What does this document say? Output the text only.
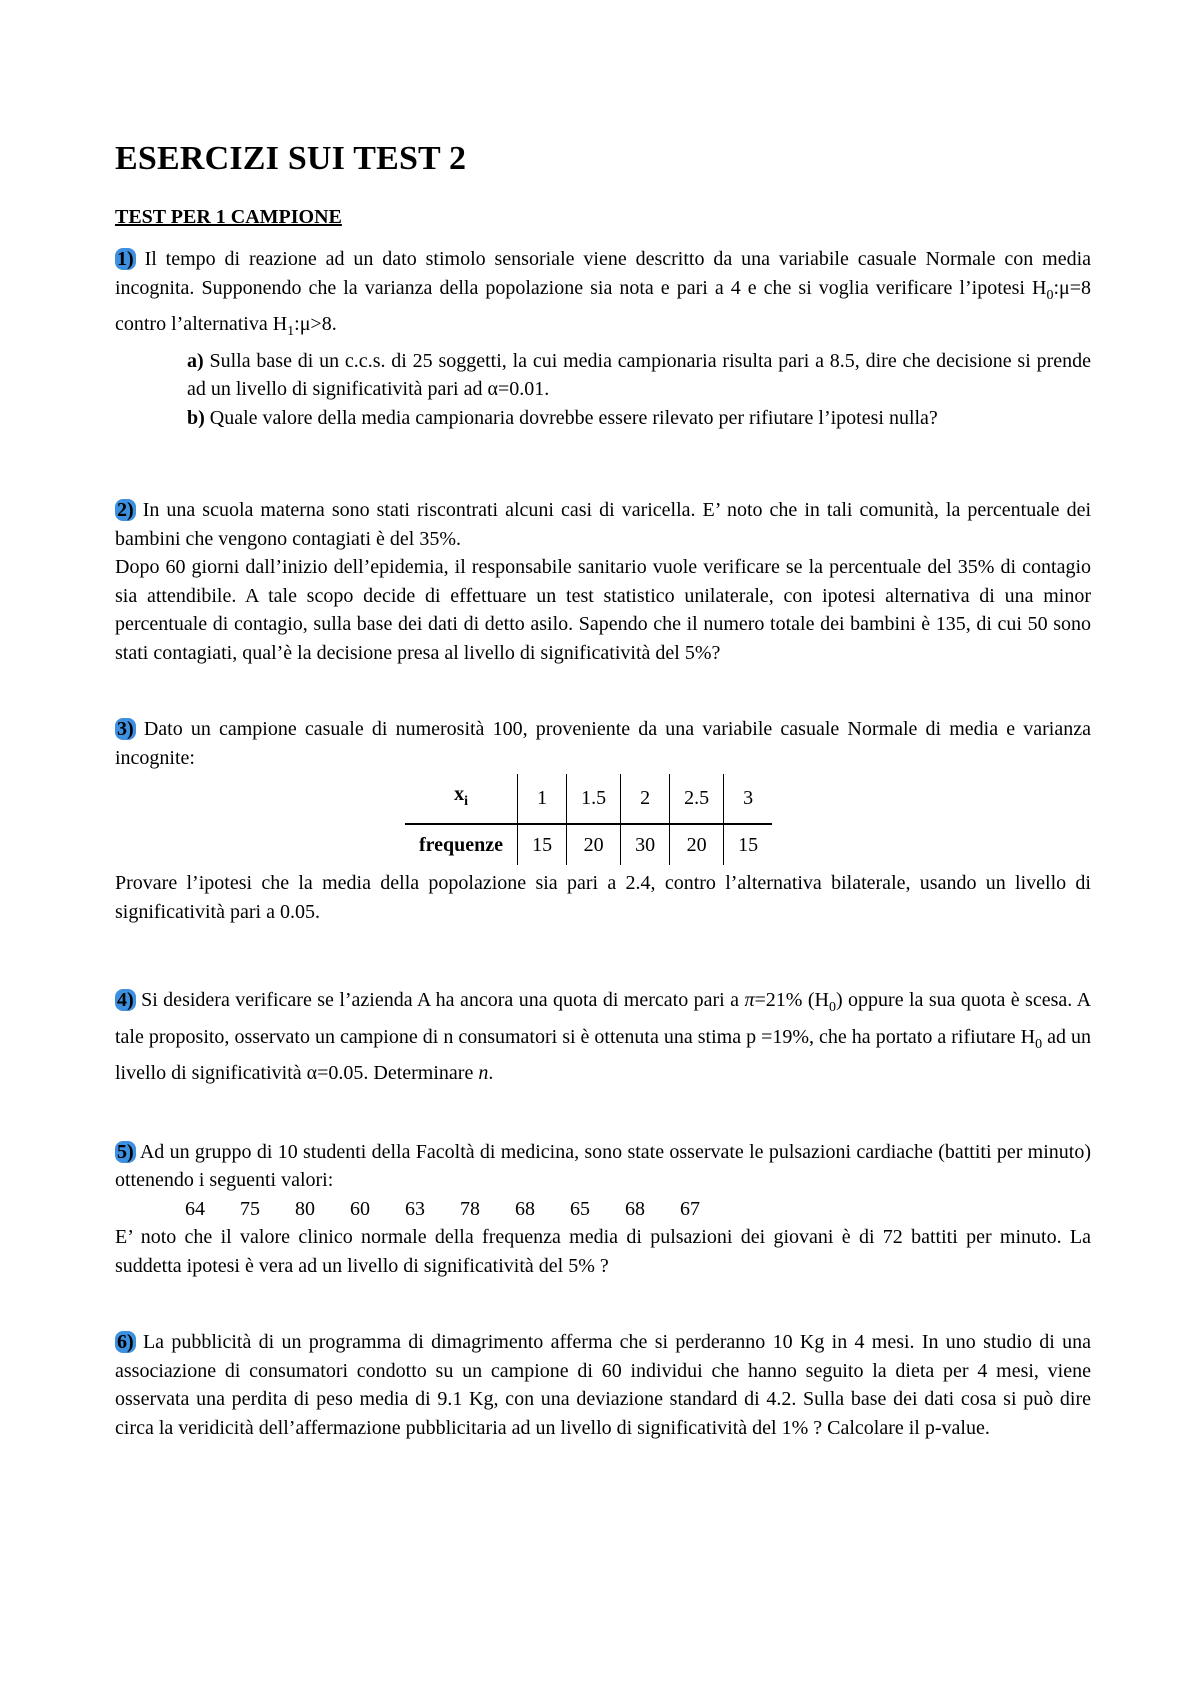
ESERCIZI SUI TEST 2
TEST PER 1 CAMPIONE
1) Il tempo di reazione ad un dato stimolo sensoriale viene descritto da una variabile casuale Normale con media incognita. Supponendo che la varianza della popolazione sia nota e pari a 4 e che si voglia verificare l’ipotesi $H_0:\mu=8$ contro l’alternativa $H_1:\mu>8$.
a) Sulla base di un c.c.s. di 25 soggetti, la cui media campionaria risulta pari a 8.5, dire che decisione si prende ad un livello di significatività pari ad α=0.01.
b) Quale valore della media campionaria dovrebbe essere rilevato per rifiutare l’ipotesi nulla?
2) In una scuola materna sono stati riscontrati alcuni casi di varicella. E’ noto che in tali comunità, la percentuale dei bambini che vengono contagiati è del 35%.
Dopo 60 giorni dall’inizio dell’epidemia, il responsabile sanitario vuole verificare se la percentuale del 35% di contagio sia attendibile. A tale scopo decide di effettuare un test statistico unilaterale, con ipotesi alternativa di una minor percentuale di contagio, sulla base dei dati di detto asilo. Sapendo che il numero totale dei bambini è 135, di cui 50 sono stati contagiati, qual’è la decisione presa al livello di significatività del 5%?
3) Dato un campione casuale di numerosità 100, proveniente da una variabile casuale Normale di media e varianza incognite:
$x_i$	1	1.5	2	2.5	3
frequenze	15	20	30	20	15
Provare l’ipotesi che la media della popolazione sia pari a 2.4, contro l’alternativa bilaterale, usando un livello di significatività pari a 0.05.
4) Si desidera verificare se l’azienda A ha ancora una quota di mercato pari a π=21% $(H_0)$ oppure la sua quota è scesa. A tale proposito, osservato un campione di n consumatori si è ottenuta una stima p =19%, che ha portato a rifiutare $H_0$ ad un livello di significatività α=0.05. Determinare n.
5) Ad un gruppo di 10 studenti della Facoltà di medicina, sono state osservate le pulsazioni cardiache (battiti per minuto) ottenendo i seguenti valori:
64	75	80	60	63	78	68	65	68	67
E’ noto che il valore clinico normale della frequenza media di pulsazioni dei giovani è di 72 battiti per minuto. La suddetta ipotesi è vera ad un livello di significatività del 5% ?
6) La pubblicità di un programma di dimagrimento afferma che si perderanno 10 Kg in 4 mesi. In uno studio di una associazione di consumatori condotto su un campione di 60 individui che hanno seguito la dieta per 4 mesi, viene osservata una perdita di peso media di 9.1 Kg, con una deviazione standard di 4.2. Sulla base dei dati cosa si può dire circa la veridicità dell’affermazione pubblicitaria ad un livello di significatività del 1% ? Calcolare il p-value.
